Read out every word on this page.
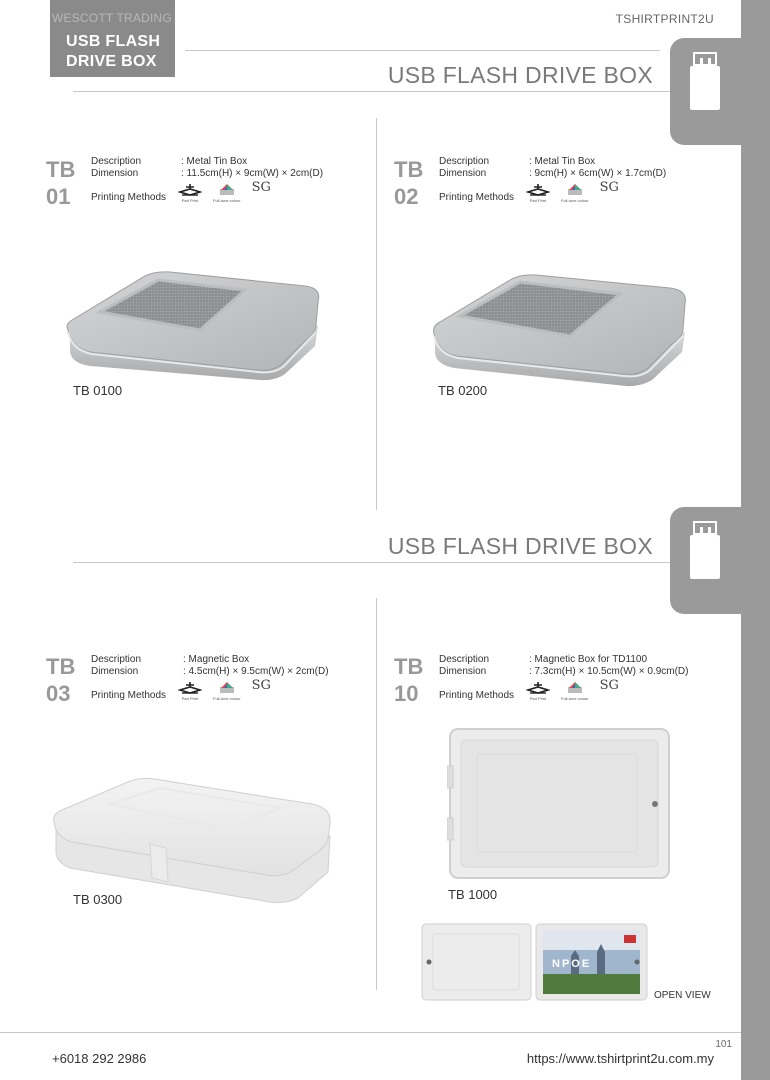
WESCOTT TRADING
USB FLASH
DRIVE BOX
TSHIRTPRINT2U
USB FLASH DRIVE BOX
USB FLASH DRIVE BOX
TB
01
Description	: Metal Tin Box
Dimension	: 11.5cm(H) × 9cm(W) × 2cm(D)
Printing Methods	Pad Print	Full-tone colour
SG
TB
02
Description	: Metal Tin Box
Dimension	: 9cm(H) × 6cm(W) × 1.7cm(D)
Printing Methods	Pad Print	Full-tone colour
SG
TB
03
Description	: Magnetic Box
Dimension	: 4.5cm(H) × 9.5cm(W) × 2cm(D)
Printing Methods	Pad Print	Full-tone colour
SG
TB
10
Description	: Magnetic Box for TD1100
Dimension	: 7.3cm(H) × 10.5cm(W) × 0.9cm(D)
Printing Methods	Pad Print	Full-tone colour
SG
TB 0100	TB 0200
TB 0300	TB 1000
NPOE
OPEN VIEW
101
+6018 292 2986	https://www.tshirtprint2u.com.my
